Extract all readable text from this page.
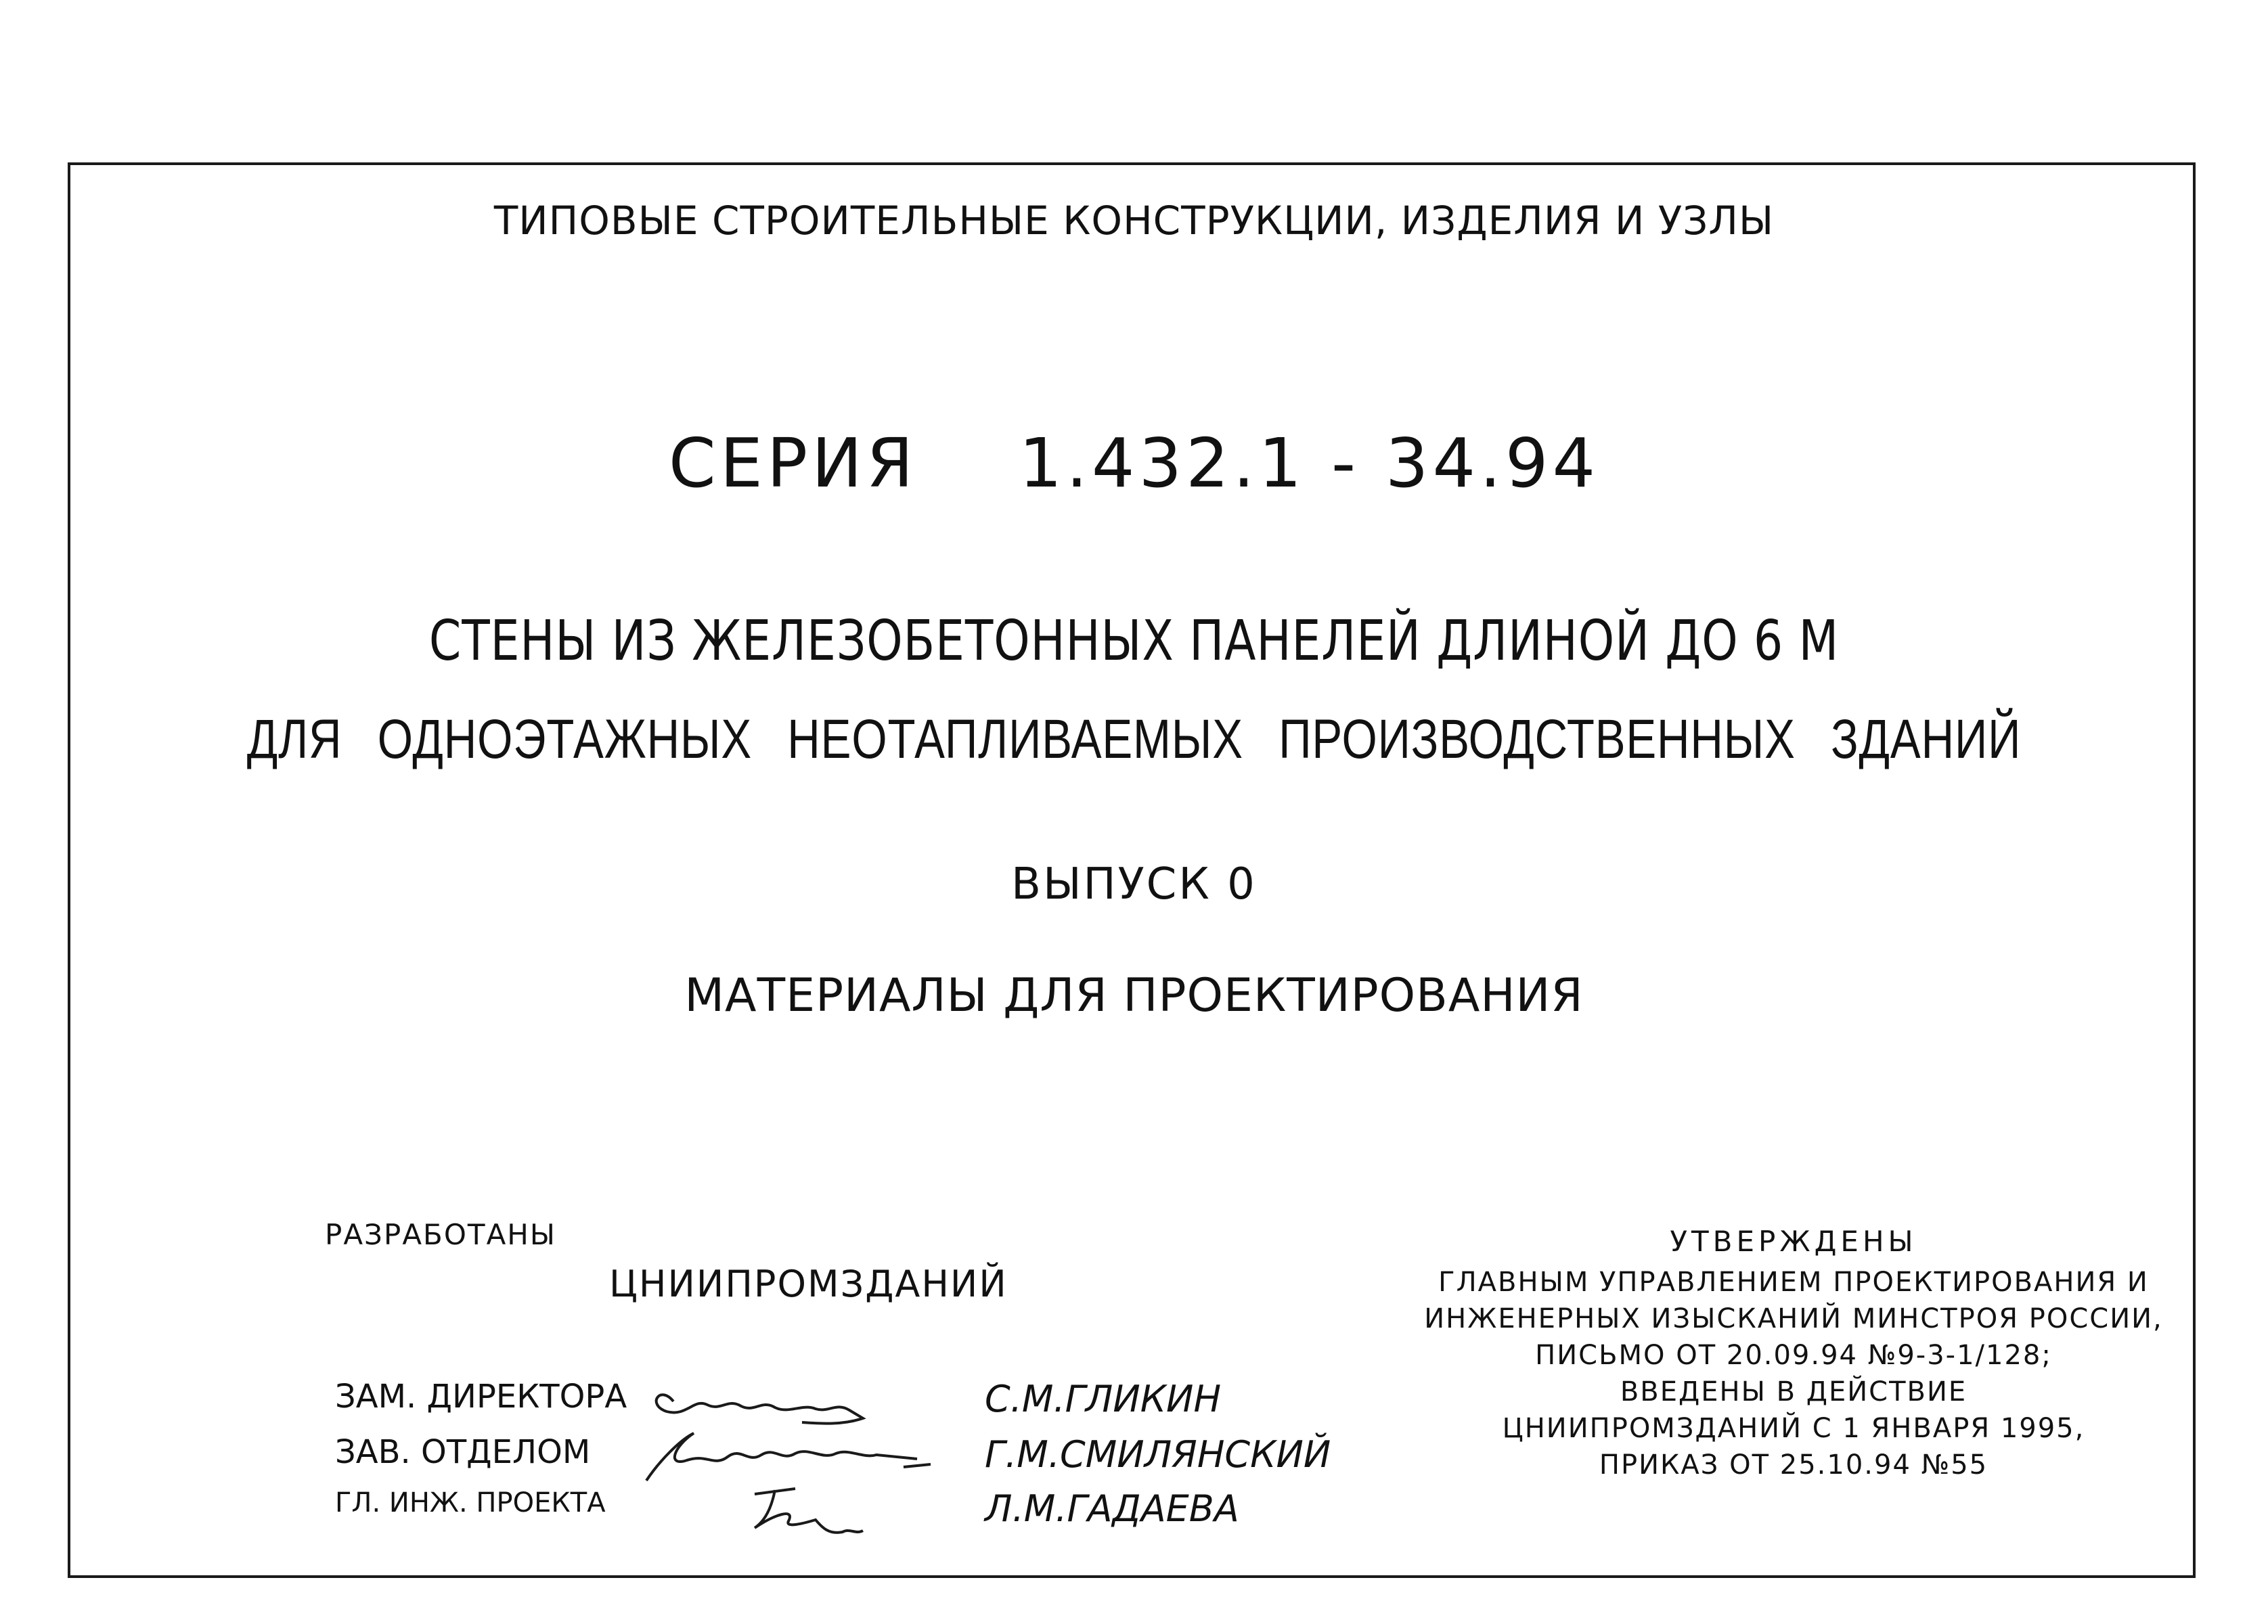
ТИПОВЫЕ СТРОИТЕЛЬНЫЕ КОНСТРУКЦИИ, ИЗДЕЛИЯ И УЗЛЫ
СЕРИЯ 1.432.1 - 34.94
СТЕНЫ ИЗ ЖЕЛЕЗОБЕТОННЫХ ПАНЕЛЕЙ ДЛИНОЙ ДО 6 М
ДЛЯ ОДНОЭТАЖНЫХ НЕОТАПЛИВАЕМЫХ ПРОИЗВОДСТВЕННЫХ ЗДАНИЙ
ВЫПУСК 0
МАТЕРИАЛЫ ДЛЯ ПРОЕКТИРОВАНИЯ
РАЗРАБОТАНЫ
ЦНИИПРОМЗДАНИЙ
ЗАМ. ДИРЕКТОРА	С.М.ГЛИКИН
ЗАВ. ОТДЕЛОМ	Г.М.СМИЛЯНСКИЙ
ГЛ. ИНЖ. ПРОЕКТА	Л.М.ГАДАЕВА
УТВЕРЖДЕНЫ
ГЛАВНЫМ УПРАВЛЕНИЕМ ПРОЕКТИРОВАНИЯ И
ИНЖЕНЕРНЫХ ИЗЫСКАНИЙ МИНСТРОЯ РОССИИ,
ПИСЬМО ОТ 20.09.94 №9-3-1/128;
ВВЕДЕНЫ В ДЕЙСТВИЕ
ЦНИИПРОМЗДАНИЙ С 1 ЯНВАРЯ 1995,
ПРИКАЗ ОТ 25.10.94 №55
